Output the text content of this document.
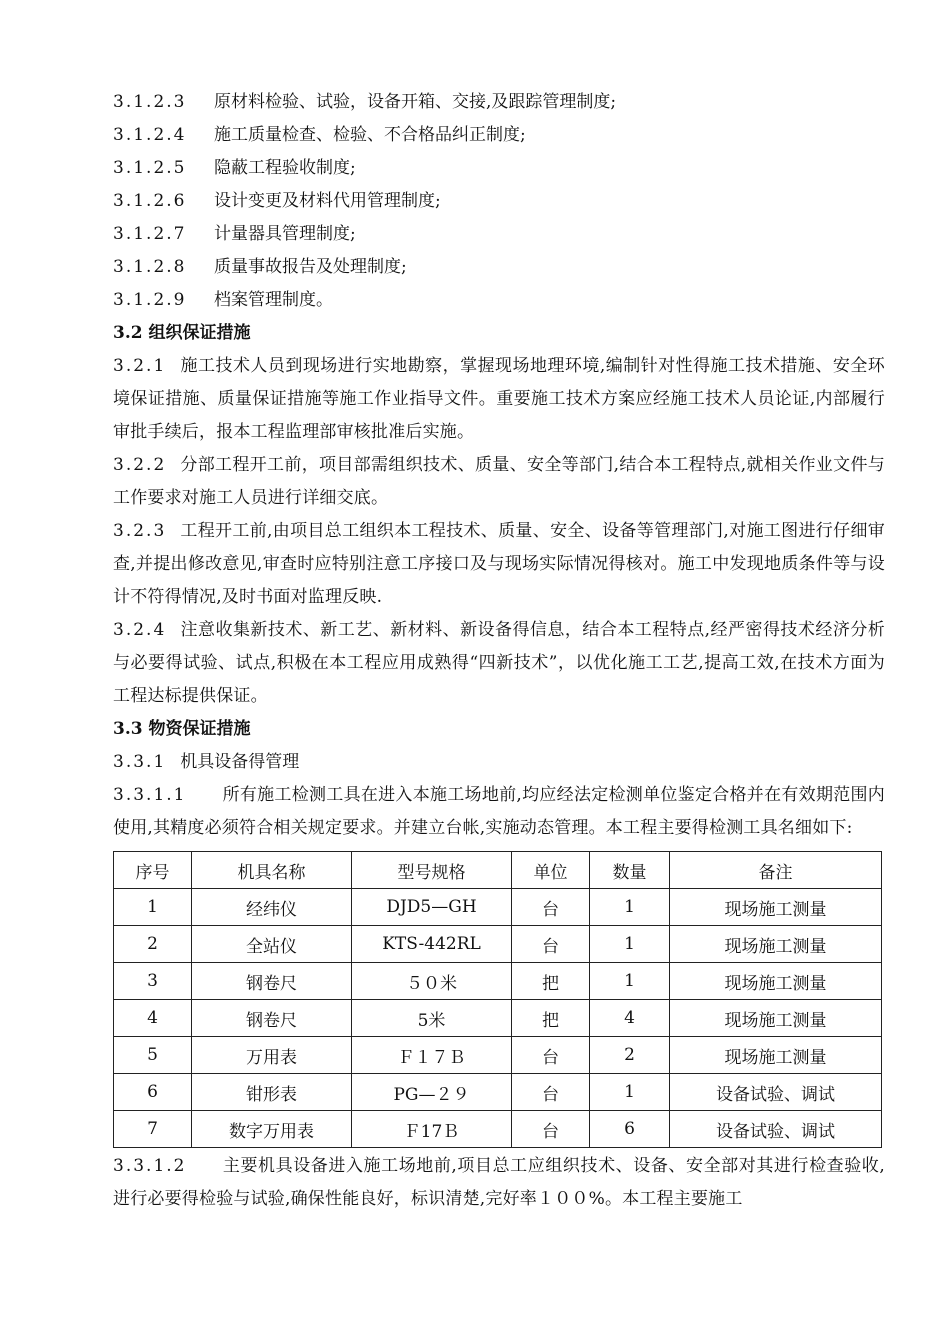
3.1.2.3	原材料检验、试验，设备开箱、交接,及跟踪管理制度;
3.1.2.4	施工质量检查、检验、不合格品纠正制度;
3.1.2.5	隐蔽工程验收制度;
3.1.2.6	设计变更及材料代用管理制度;
3.1.2.7	计量器具管理制度;
3.1.2.8	质量事故报告及处理制度;
3.1.2.9	档案管理制度。
3.2 组织保证措施
3.2.1 施工技术人员到现场进行实地勘察，掌握现场地理环境,编制针对性得施工技术措施、安全环境保证措施、质量保证措施等施工作业指导文件。重要施工技术方案应经施工技术人员论证,内部履行审批手续后，报本工程监理部审核批准后实施。
3.2.2 分部工程开工前，项目部需组织技术、质量、安全等部门,结合本工程特点,就相关作业文件与工作要求对施工人员进行详细交底。
3.2.3 工程开工前,由项目总工组织本工程技术、质量、安全、设备等管理部门,对施工图进行仔细审查,并提出修改意见,审查时应特别注意工序接口及与现场实际情况得核对。施工中发现地质条件等与设计不符得情况,及时书面对监理反映.
3.2.4 注意收集新技术、新工艺、新材料、新设备得信息，结合本工程特点,经严密得技术经济分析与必要得试验、试点,积极在本工程应用成熟得“四新技术”，以优化施工工艺,提高工效,在技术方面为工程达标提供保证。
3.3 物资保证措施
3.3.1 机具设备得管理
3.3.1.1 所有施工检测工具在进入本施工场地前,均应经法定检测单位鉴定合格并在有效期范围内使用,其精度必须符合相关规定要求。并建立台帐,实施动态管理。本工程主要得检测工具名细如下:
序号	机具名称	型号规格	单位	数量	备注
1	经纬仪	DJD5—GH	台	1	现场施工测量
2	全站仪	KTS-442RL	台	1	现场施工测量
3	钢卷尺	５０米	把	1	现场施工测量
4	钢卷尺	5米	把	4	现场施工测量
5	万用表	Ｆ１７Ｂ	台	2	现场施工测量
6	钳形表	PG—２９	台	1	设备试验、调试
7	数字万用表	Ｆ17Ｂ	台	6	设备试验、调试
3.3.1.2 主要机具设备进入施工场地前,项目总工应组织技术、设备、安全部对其进行检查验收,进行必要得检验与试验,确保性能良好，标识清楚,完好率１００%。本工程主要施工
